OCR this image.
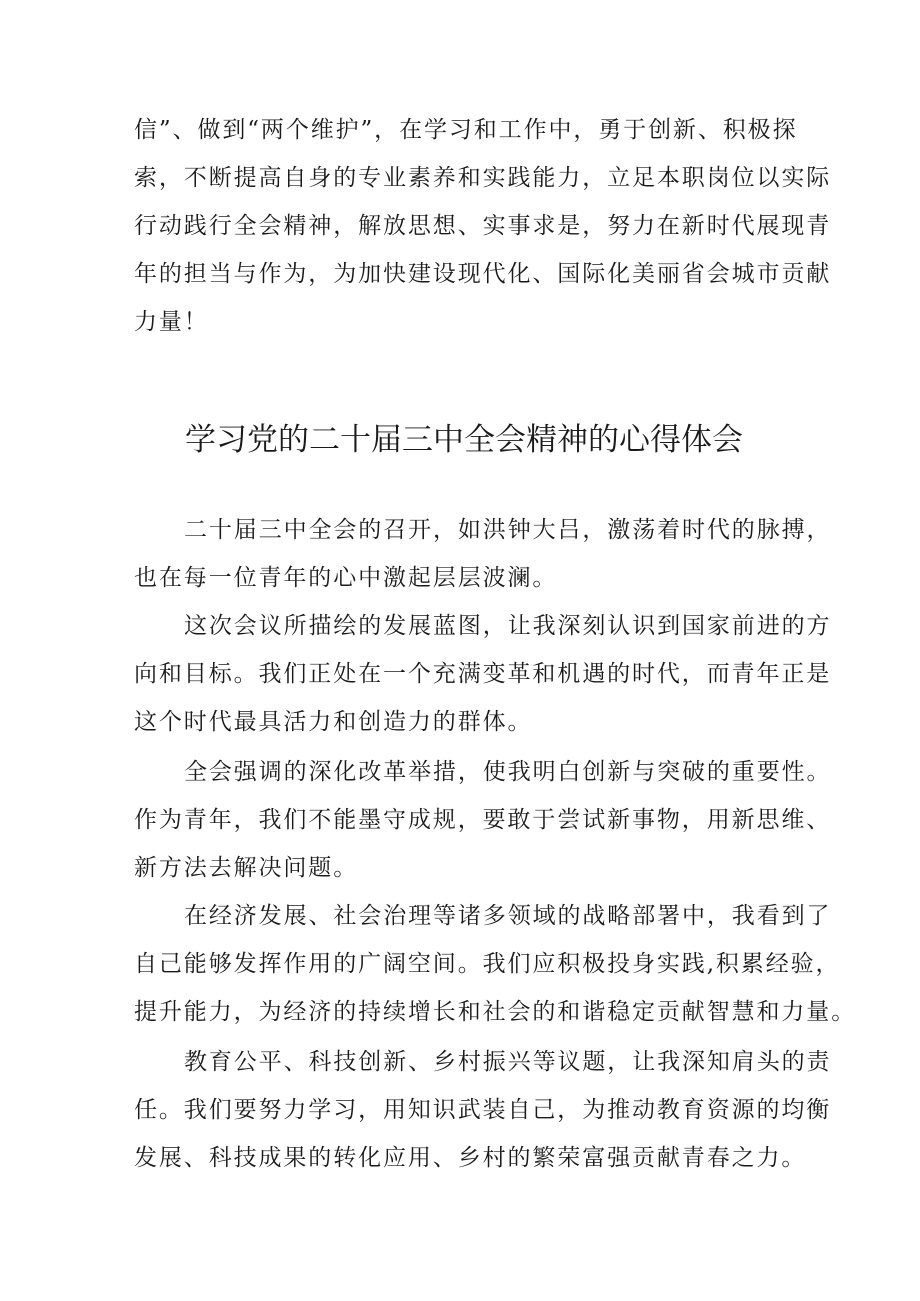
信”、做到“两个维护”，在学习和工作中，勇于创新、积极探
索，不断提高自身的专业素养和实践能力，立足本职岗位以实际
行动践行全会精神，解放思想、实事求是，努力在新时代展现青
年的担当与作为，为加快建设现代化、国际化美丽省会城市贡献
力量！
学习党的二十届三中全会精神的心得体会
二十届三中全会的召开，如洪钟大吕，激荡着时代的脉搏，
也在每一位青年的心中激起层层波澜。
这次会议所描绘的发展蓝图，让我深刻认识到国家前进的方
向和目标。我们正处在一个充满变革和机遇的时代，而青年正是
这个时代最具活力和创造力的群体。
全会强调的深化改革举措，使我明白创新与突破的重要性。
作为青年，我们不能墨守成规，要敢于尝试新事物，用新思维、
新方法去解决问题。
在经济发展、社会治理等诸多领域的战略部署中，我看到了
自己能够发挥作用的广阔空间。我们应积极投身实践,积累经验，
提升能力，为经济的持续增长和社会的和谐稳定贡献智慧和力量。
教育公平、科技创新、乡村振兴等议题，让我深知肩头的责
任。我们要努力学习，用知识武装自己，为推动教育资源的均衡
发展、科技成果的转化应用、乡村的繁荣富强贡献青春之力。
